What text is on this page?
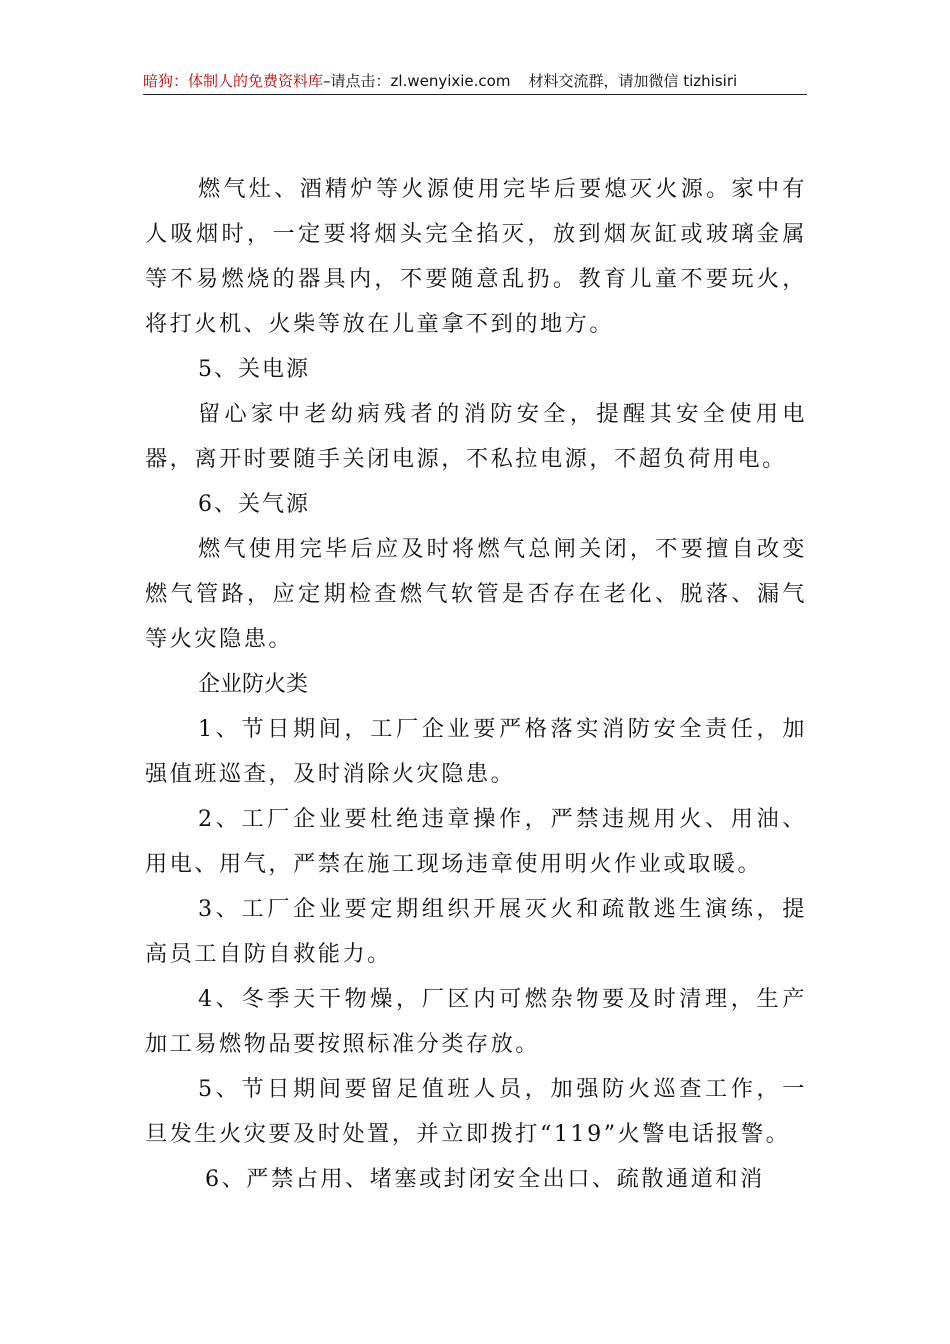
暗狗：体制人的免费资料库–请点击：zl.wenyixie.com 材料交流群，请加微信 tizhisiri

燃气灶、酒精炉等火源使用完毕后要熄灭火源。家中有人吸烟时，一定要将烟头完全掐灭，放到烟灰缸或玻璃金属等不易燃烧的器具内，不要随意乱扔。教育儿童不要玩火，将打火机、火柴等放在儿童拿不到的地方。

5、关电源

留心家中老幼病残者的消防安全，提醒其安全使用电器，离开时要随手关闭电源，不私拉电源，不超负荷用电。

6、关气源

燃气使用完毕后应及时将燃气总闸关闭，不要擅自改变燃气管路，应定期检查燃气软管是否存在老化、脱落、漏气等火灾隐患。

企业防火类

1、节日期间，工厂企业要严格落实消防安全责任，加强值班巡查，及时消除火灾隐患。

2、工厂企业要杜绝违章操作，严禁违规用火、用油、用电、用气，严禁在施工现场违章使用明火作业或取暖。

3、工厂企业要定期组织开展灭火和疏散逃生演练，提高员工自防自救能力。

4、冬季天干物燥，厂区内可燃杂物要及时清理，生产加工易燃物品要按照标准分类存放。

5、节日期间要留足值班人员，加强防火巡查工作，一旦发生火灾要及时处置，并立即拨打“119”火警电话报警。

6、严禁占用、堵塞或封闭安全出口、疏散通道和消
